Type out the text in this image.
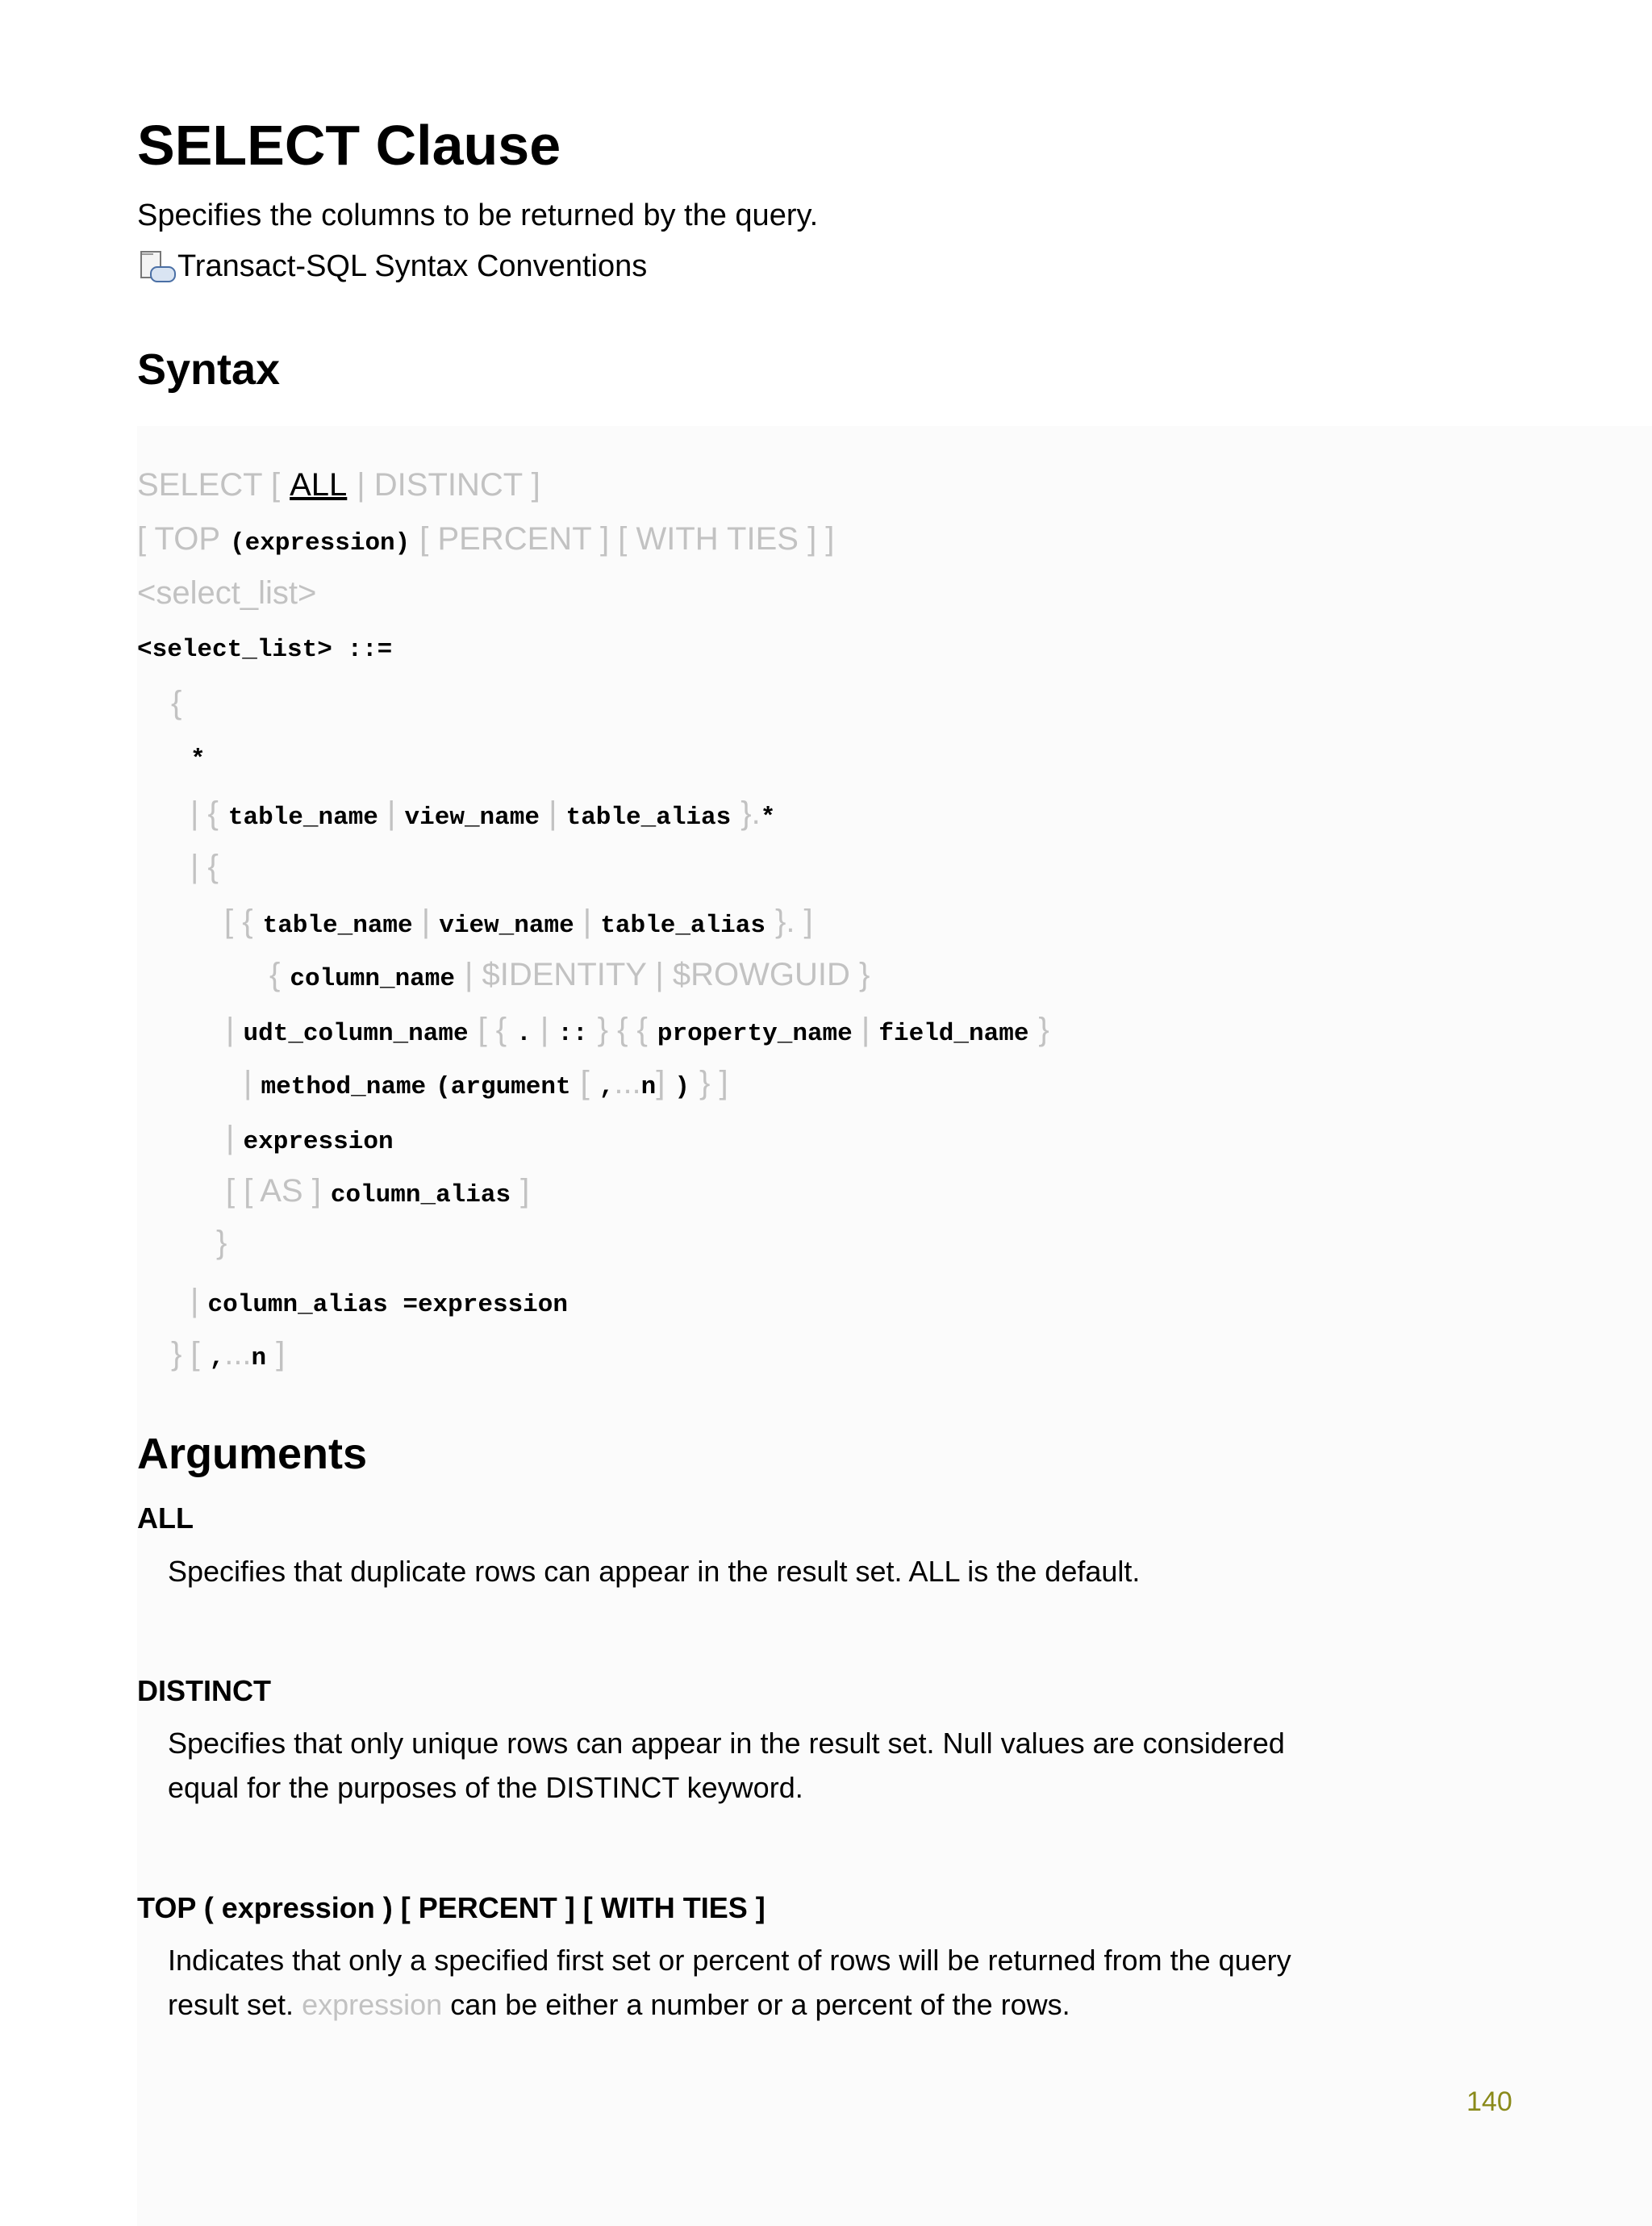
SELECT Clause
Specifies the columns to be returned by the query.
Transact-SQL Syntax Conventions
Syntax
SELECT [ ALL | DISTINCT ]
[ TOP (expression) [ PERCENT ] [ WITH TIES ] ]
<select_list>
<select_list> ::=
{
*
| { table_name | view_name | table_alias }. *
| {
[ { table_name | view_name | table_alias }. ]
{ column_name | $IDENTITY | $ROWGUID }
| udt_column_name [ { . | :: } { { property_name | field_name }
| method_name (argument [ , ... n ] ) } ]
| expression
[ [ AS ] column_alias ]
}
| column_alias =expression
} [ , ... n ]
Arguments
ALL
Specifies that duplicate rows can appear in the result set. ALL is the default.
DISTINCT
Specifies that only unique rows can appear in the result set. Null values are considered
equal for the purposes of the DISTINCT keyword.
TOP ( expression ) [ PERCENT ] [ WITH TIES ]
Indicates that only a specified first set or percent of rows will be returned from the query
result set. expression can be either a number or a percent of the rows.
140
